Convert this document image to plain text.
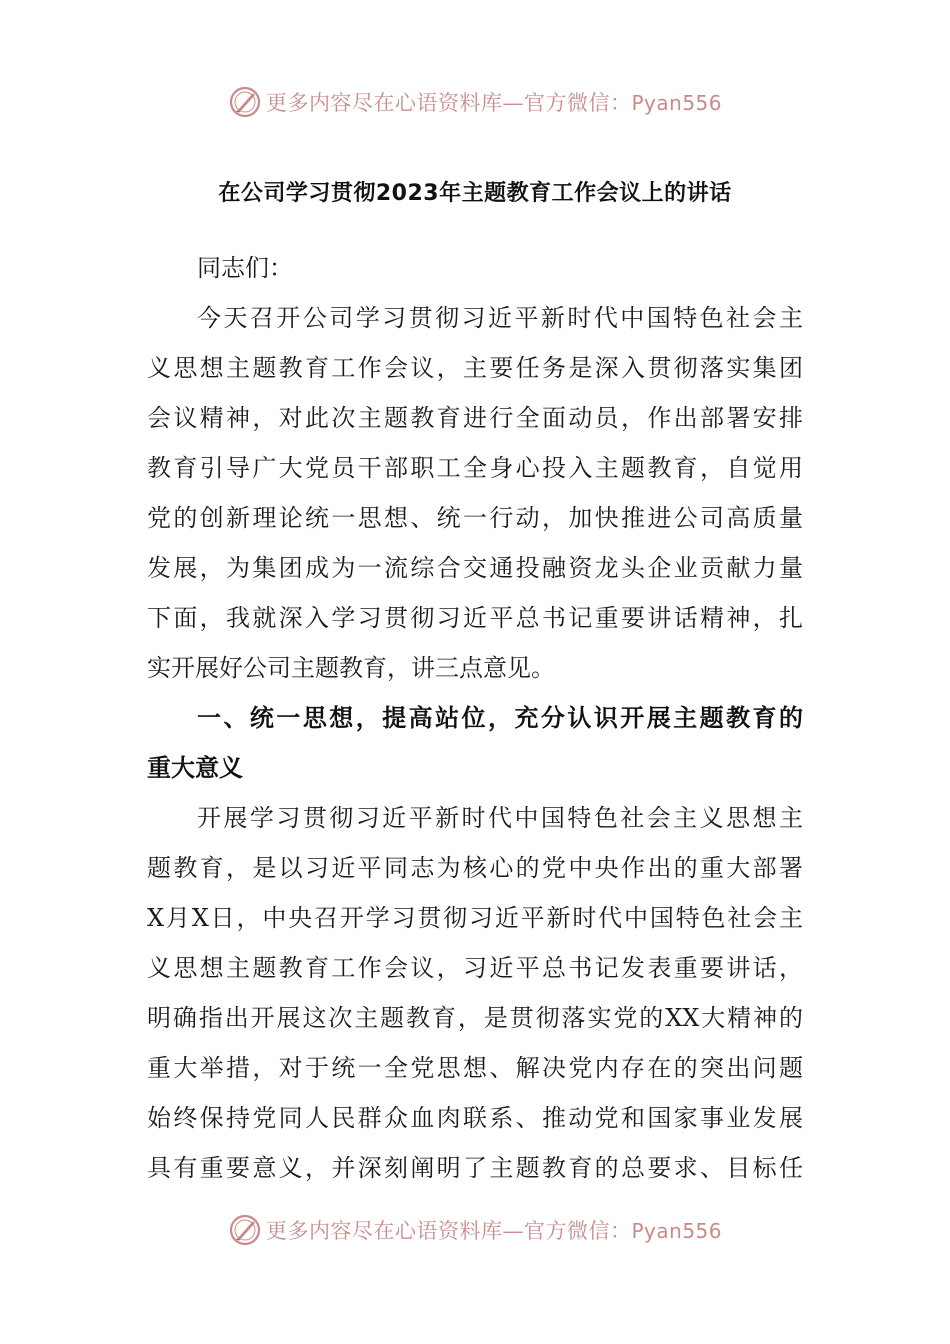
更多内容尽在心语资料库—官方微信：Pyan556
在公司学习贯彻2023年主题教育工作会议上的讲话
同志们：
今天召开公司学习贯彻习近平新时代中国特色社会主
义思想主题教育工作会议，主要任务是深入贯彻落实集团
会议精神，对此次主题教育进行全面动员，作出部署安排
教育引导广大党员干部职工全身心投入主题教育，自觉用
党的创新理论统一思想、统一行动，加快推进公司高质量
发展，为集团成为一流综合交通投融资龙头企业贡献力量
下面，我就深入学习贯彻习近平总书记重要讲话精神，扎
实开展好公司主题教育，讲三点意见。
一、统一思想，提高站位，充分认识开展主题教育的
重大意义
开展学习贯彻习近平新时代中国特色社会主义思想主
题教育，是以习近平同志为核心的党中央作出的重大部署
X月X日，中央召开学习贯彻习近平新时代中国特色社会主
义思想主题教育工作会议，习近平总书记发表重要讲话，
明确指出开展这次主题教育，是贯彻落实党的XX大精神的
重大举措，对于统一全党思想、解决党内存在的突出问题
始终保持党同人民群众血肉联系、推动党和国家事业发展
具有重要意义，并深刻阐明了主题教育的总要求、目标任
更多内容尽在心语资料库—官方微信：Pyan556
